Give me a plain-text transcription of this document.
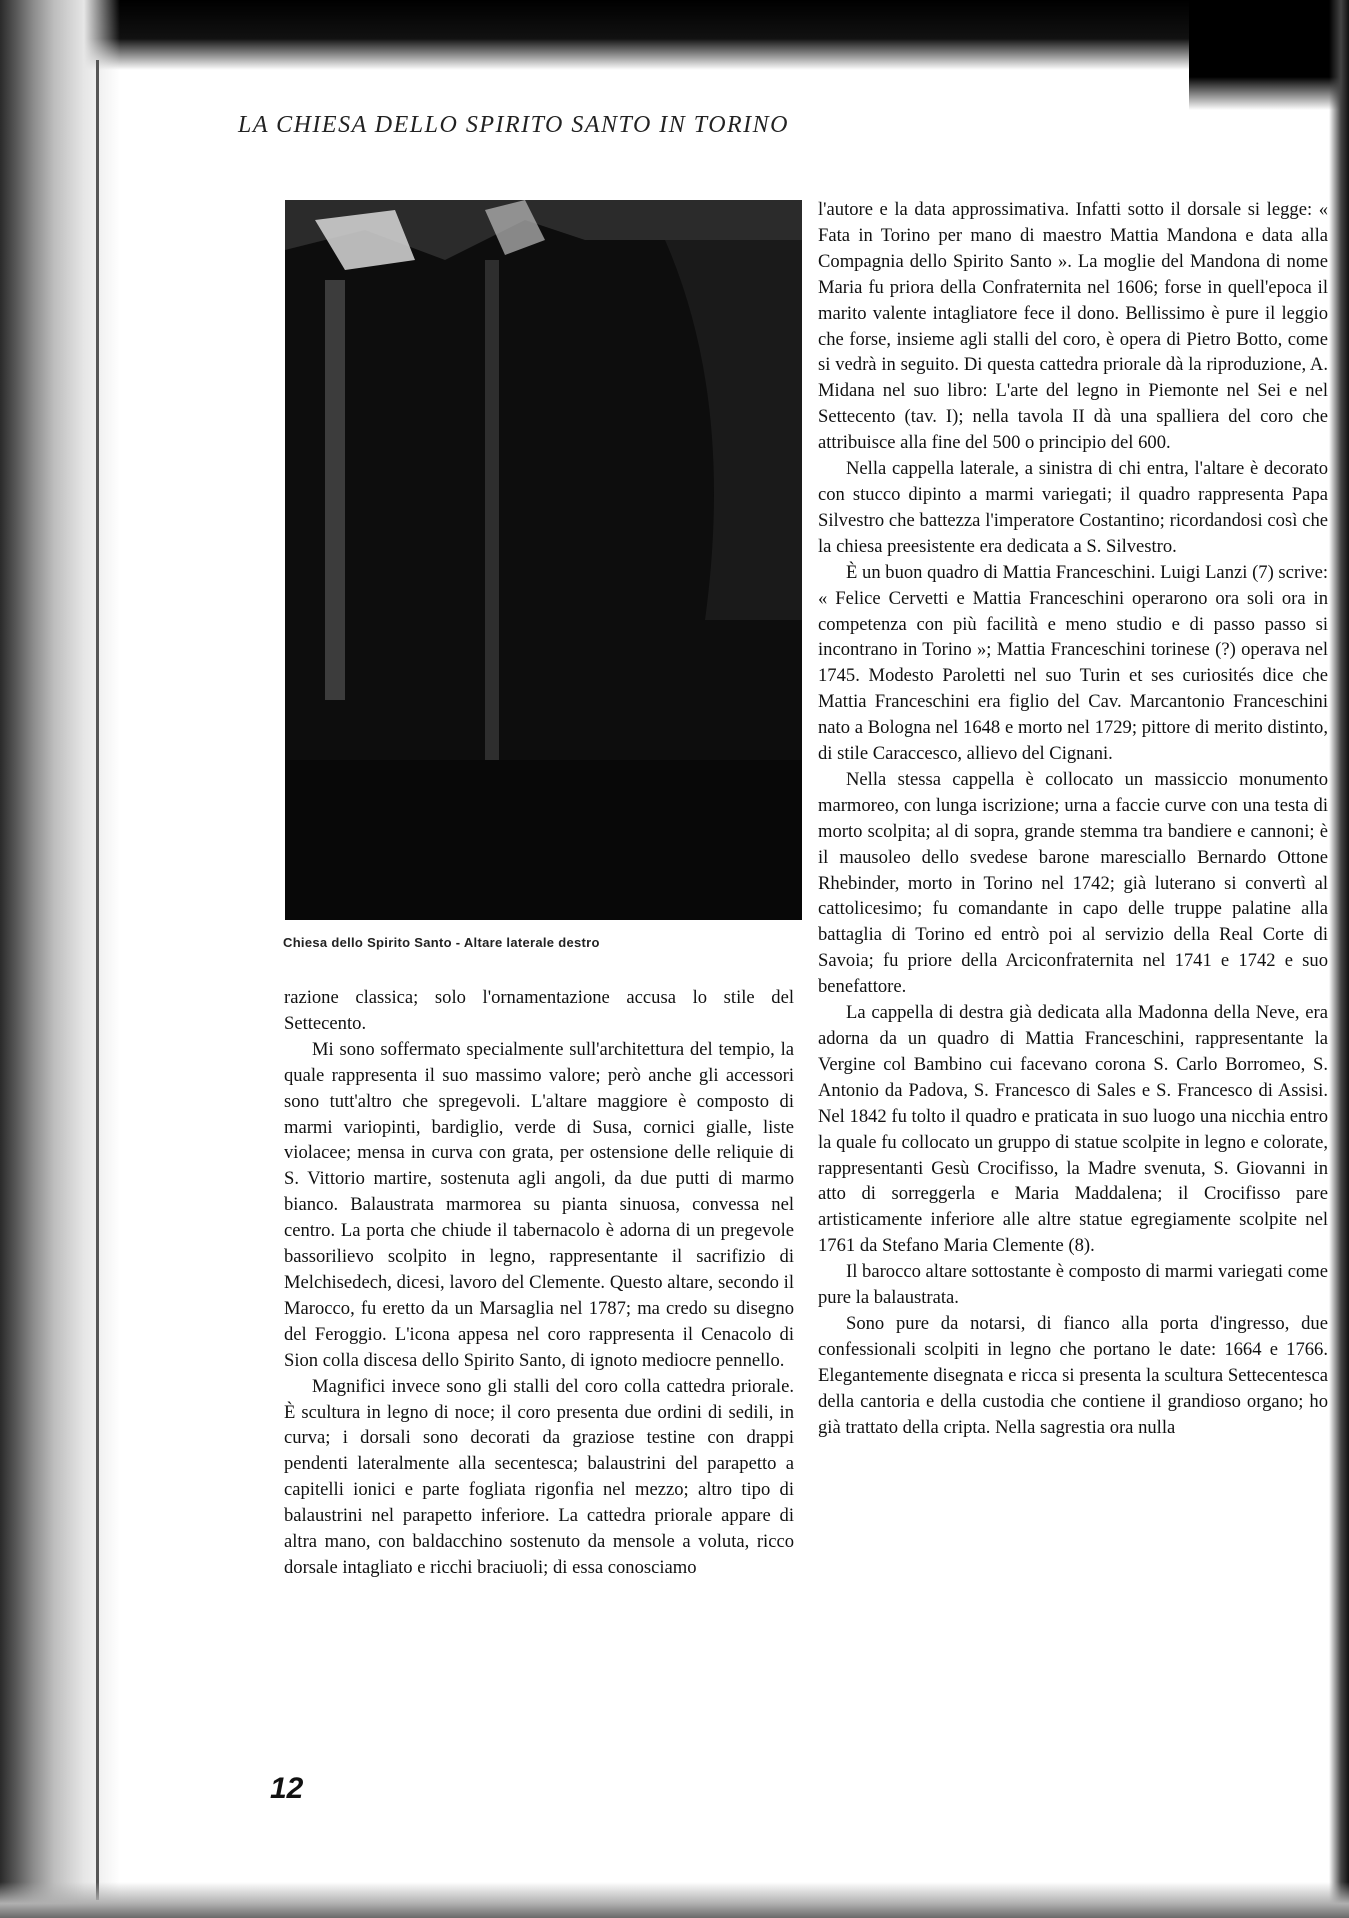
LA CHIESA DELLO SPIRITO SANTO IN TORINO
Chiesa dello Spirito Santo - Altare laterale destro

razione classica; solo l'ornamentazione accusa lo stile del Settecento.

Mi sono soffermato specialmente sull'architettura del tempio, la quale rappresenta il suo massimo valore; però anche gli accessori sono tutt'altro che spregevoli. L'altare maggiore è composto di marmi variopinti, bardiglio, verde di Susa, cornici gialle, liste violacee; mensa in curva con grata, per ostensione delle reliquie di S. Vittorio martire, sostenuta agli angoli, da due putti di marmo bianco. Balaustrata marmorea su pianta sinuosa, convessa nel centro. La porta che chiude il tabernacolo è adorna di un pregevole bassorilievo scolpito in legno, rappresentante il sacrifizio di Melchisedech, dicesi, lavoro del Clemente. Questo altare, secondo il Marocco, fu eretto da un Marsaglia nel 1787; ma credo su disegno del Feroggio. L'icona appesa nel coro rappresenta il Cenacolo di Sion colla discesa dello Spirito Santo, di ignoto mediocre pennello.

Magnifici invece sono gli stalli del coro colla cattedra priorale. È scultura in legno di noce; il coro presenta due ordini di sedili, in curva; i dorsali sono decorati da graziose testine con drappi pendenti lateralmente alla secentesca; balaustrini del parapetto a capitelli ionici e parte fogliata rigonfia nel mezzo; altro tipo di balaustrini nel parapetto inferiore. La cattedra priorale appare di altra mano, con baldacchino sostenuto da mensole a voluta, ricco dorsale intagliato e ricchi braciuoli; di essa conosciamo

l'autore e la data approssimativa. Infatti sotto il dorsale si legge: « Fata in Torino per mano di maestro Mattia Mandona e data alla Compagnia dello Spirito Santo ». La moglie del Mandona di nome Maria fu priora della Confraternita nel 1606; forse in quell'epoca il marito valente intagliatore fece il dono. Bellissimo è pure il leggio che forse, insieme agli stalli del coro, è opera di Pietro Botto, come si vedrà in seguito. Di questa cattedra priorale dà la riproduzione, A. Midana nel suo libro: L'arte del legno in Piemonte nel Sei e nel Settecento (tav. I); nella tavola II dà una spalliera del coro che attribuisce alla fine del 500 o principio del 600.

Nella cappella laterale, a sinistra di chi entra, l'altare è decorato con stucco dipinto a marmi variegati; il quadro rappresenta Papa Silvestro che battezza l'imperatore Costantino; ricordandosi così che la chiesa preesistente era dedicata a S. Silvestro.

È un buon quadro di Mattia Franceschini. Luigi Lanzi (7) scrive: « Felice Cervetti e Mattia Franceschini operarono ora soli ora in competenza con più facilità e meno studio e di passo passo si incontrano in Torino »; Mattia Franceschini torinese (?) operava nel 1745. Modesto Paroletti nel suo Turin et ses curiosités dice che Mattia Franceschini era figlio del Cav. Marcantonio Franceschini nato a Bologna nel 1648 e morto nel 1729; pittore di merito distinto, di stile Caraccesco, allievo del Cignani.

Nella stessa cappella è collocato un massiccio monumento marmoreo, con lunga iscrizione; urna a faccie curve con una testa di morto scolpita; al di sopra, grande stemma tra bandiere e cannoni; è il mausoleo dello svedese barone maresciallo Bernardo Ottone Rhebinder, morto in Torino nel 1742; già luterano si convertì al cattolicesimo; fu comandante in capo delle truppe palatine alla battaglia di Torino ed entrò poi al servizio della Real Corte di Savoia; fu priore della Arciconfraternita nel 1741 e 1742 e suo benefattore.

La cappella di destra già dedicata alla Madonna della Neve, era adorna da un quadro di Mattia Franceschini, rappresentante la Vergine col Bambino cui facevano corona S. Carlo Borromeo, S. Antonio da Padova, S. Francesco di Sales e S. Francesco di Assisi. Nel 1842 fu tolto il quadro e praticata in suo luogo una nicchia entro la quale fu collocato un gruppo di statue scolpite in legno e colorate, rappresentanti Gesù Crocifisso, la Madre svenuta, S. Giovanni in atto di sorreggerla e Maria Maddalena; il Crocifisso pare artisticamente inferiore alle altre statue egregiamente scolpite nel 1761 da Stefano Maria Clemente (8).

Il barocco altare sottostante è composto di marmi variegati come pure la balaustrata.

Sono pure da notarsi, di fianco alla porta d'ingresso, due confessionali scolpiti in legno che portano le date: 1664 e 1766. Elegantemente disegnata e ricca si presenta la scultura Settecentesca della cantoria e della custodia che contiene il grandioso organo; ho già trattato della cripta. Nella sagrestia ora nulla

12
